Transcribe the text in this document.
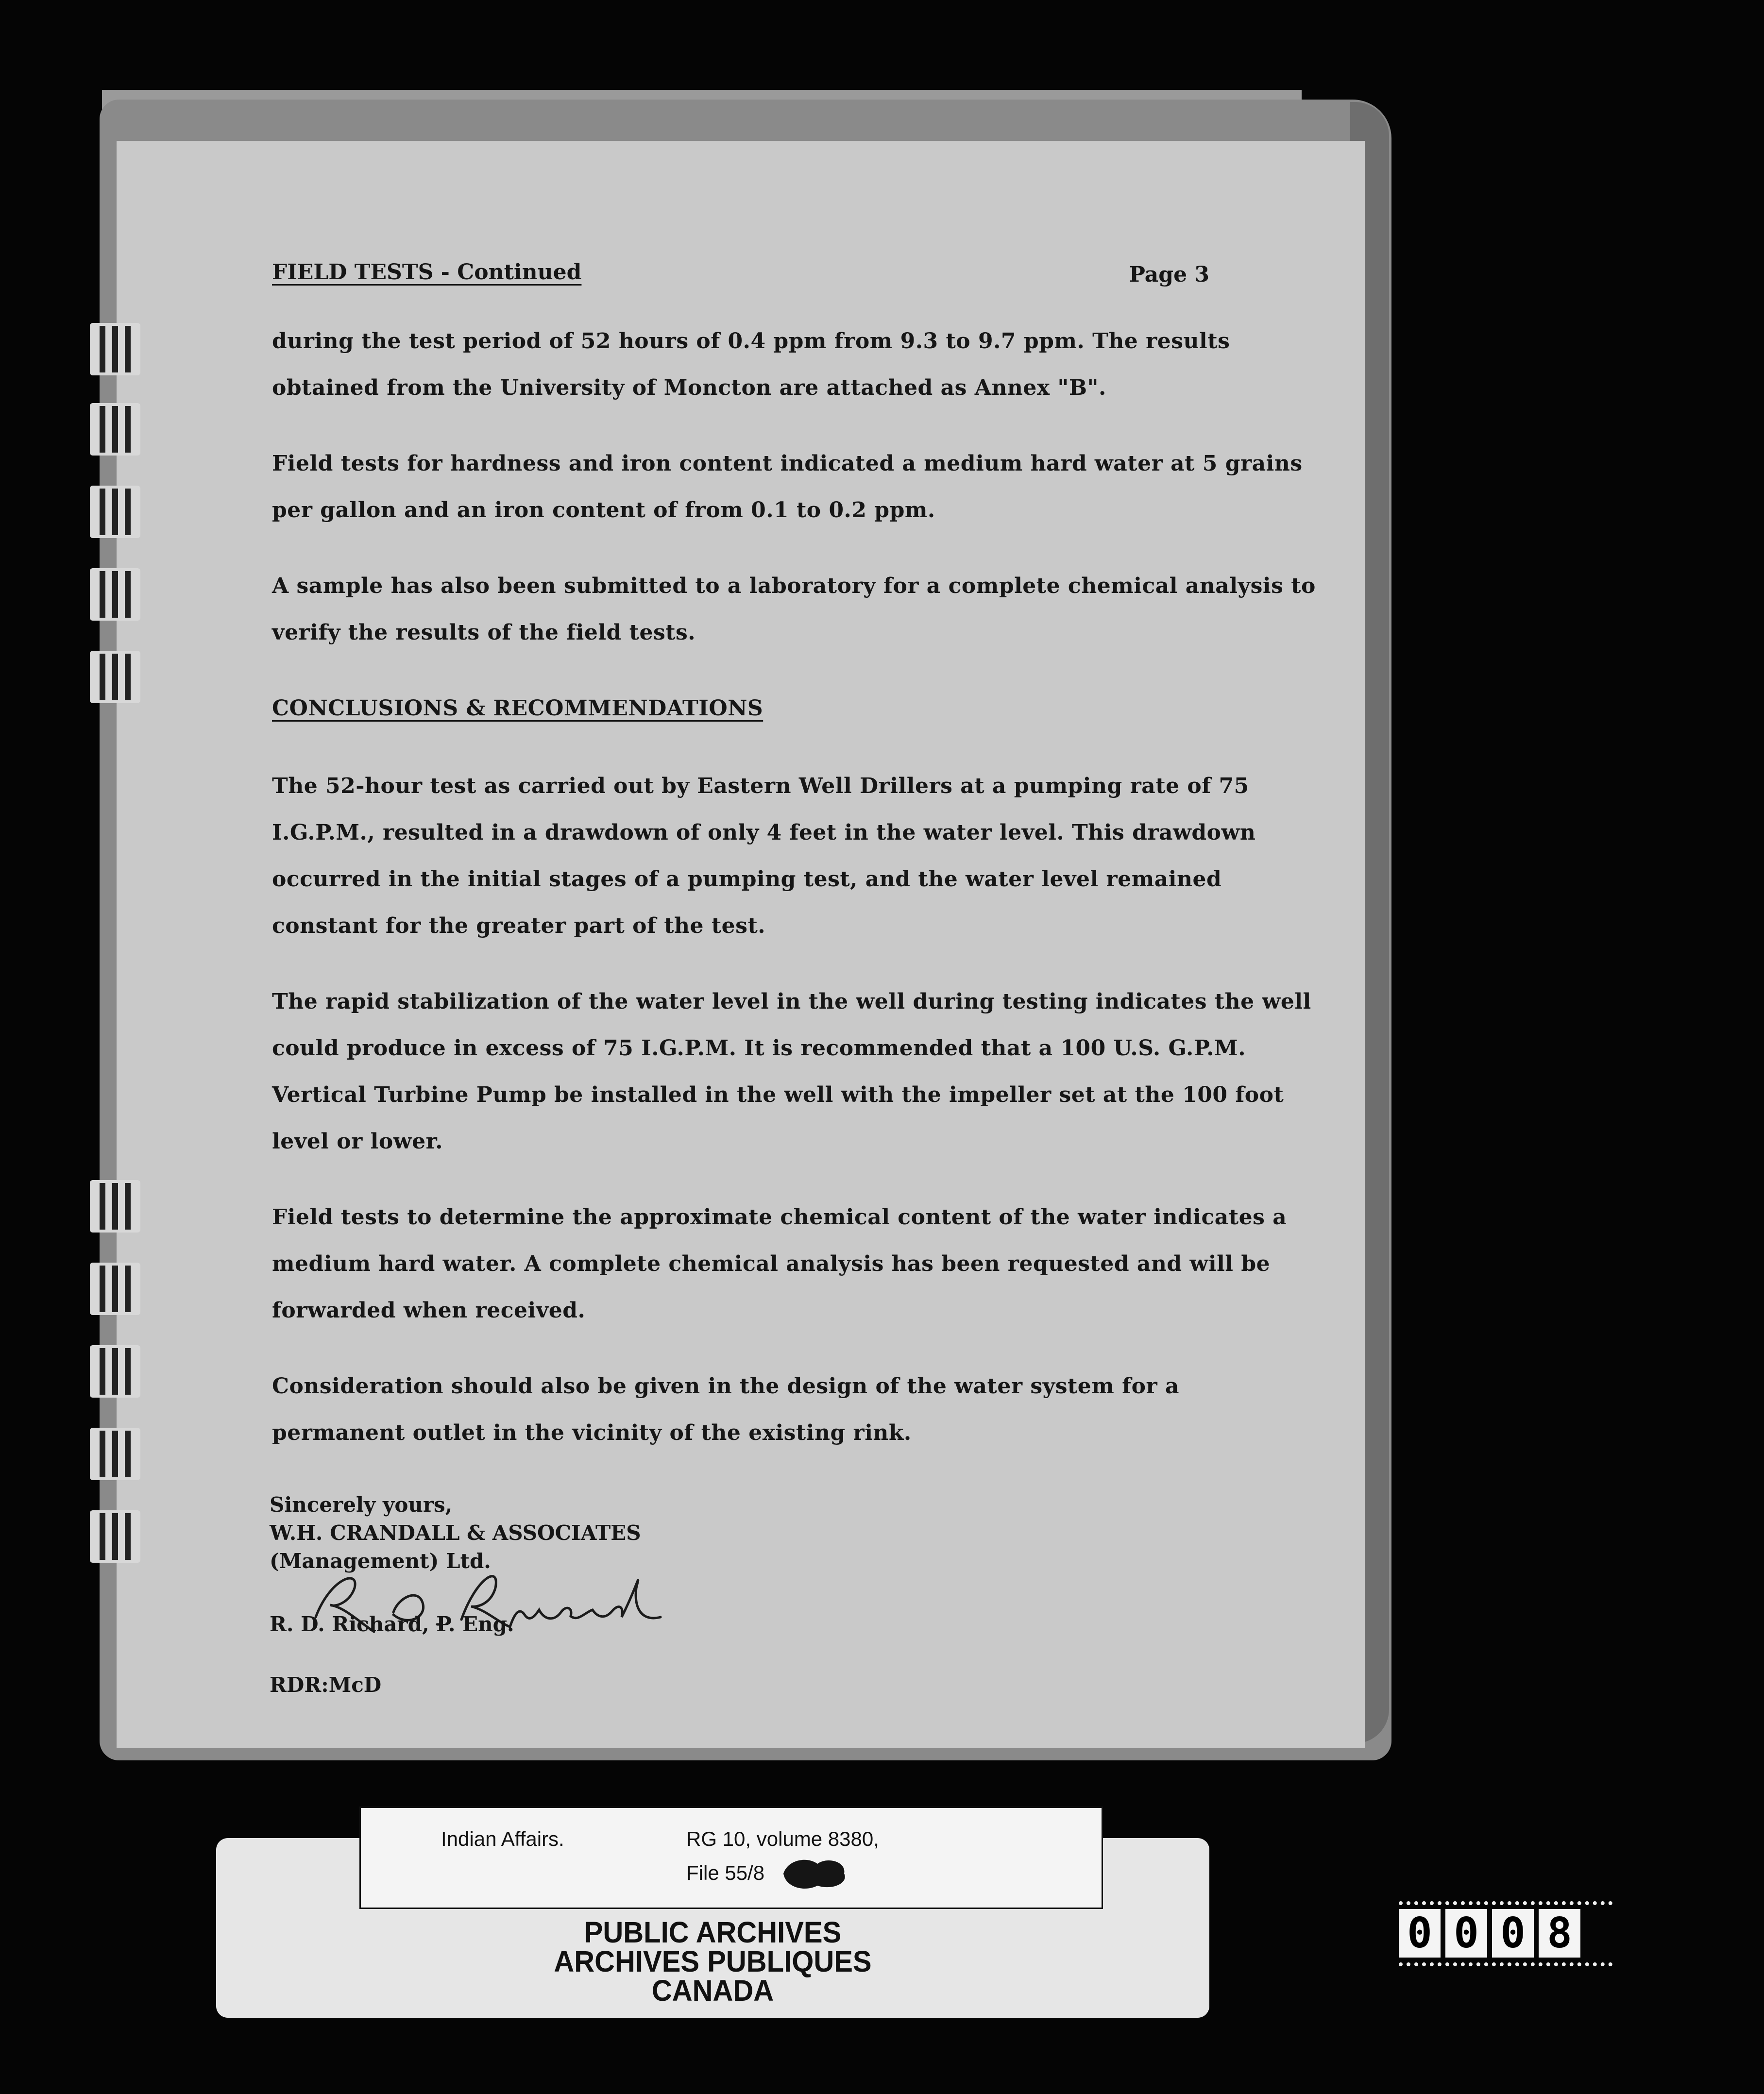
FIELD TESTS - Continued	Page 3

during the test period of 52 hours of 0.4 ppm from 9.3 to 9.7 ppm. The results obtained from the University of Moncton are attached as Annex "B".

Field tests for hardness and iron content indicated a medium hard water at 5 grains per gallon and an iron content of from 0.1 to 0.2 ppm.

A sample has also been submitted to a laboratory for a complete chemical analysis to verify the results of the field tests.

CONCLUSIONS & RECOMMENDATIONS

The 52-hour test as carried out by Eastern Well Drillers at a pumping rate of 75 I.G.P.M., resulted in a drawdown of only 4 feet in the water level. This drawdown occurred in the initial stages of a pumping test, and the water level remained constant for the greater part of the test.

The rapid stabilization of the water level in the well during testing indicates the well could produce in excess of 75 I.G.P.M. It is recommended that a 100 U.S. G.P.M. Vertical Turbine Pump be installed in the well with the impeller set at the 100 foot level or lower.

Field tests to determine the approximate chemical content of the water indicates a medium hard water. A complete chemical analysis has been requested and will be forwarded when received.

Consideration should also be given in the design of the water system for a permanent outlet in the vicinity of the existing rink.

Sincerely yours,
W.H. CRANDALL & ASSOCIATES
(Management) Ltd.
R. D. Richard, P. Eng.
RDR:McD
Indian Affairs.	RG 10, volume 8380,
File 55/8
PUBLIC ARCHIVES
ARCHIVES PUBLIQUES
CANADA
0 0 0 8
